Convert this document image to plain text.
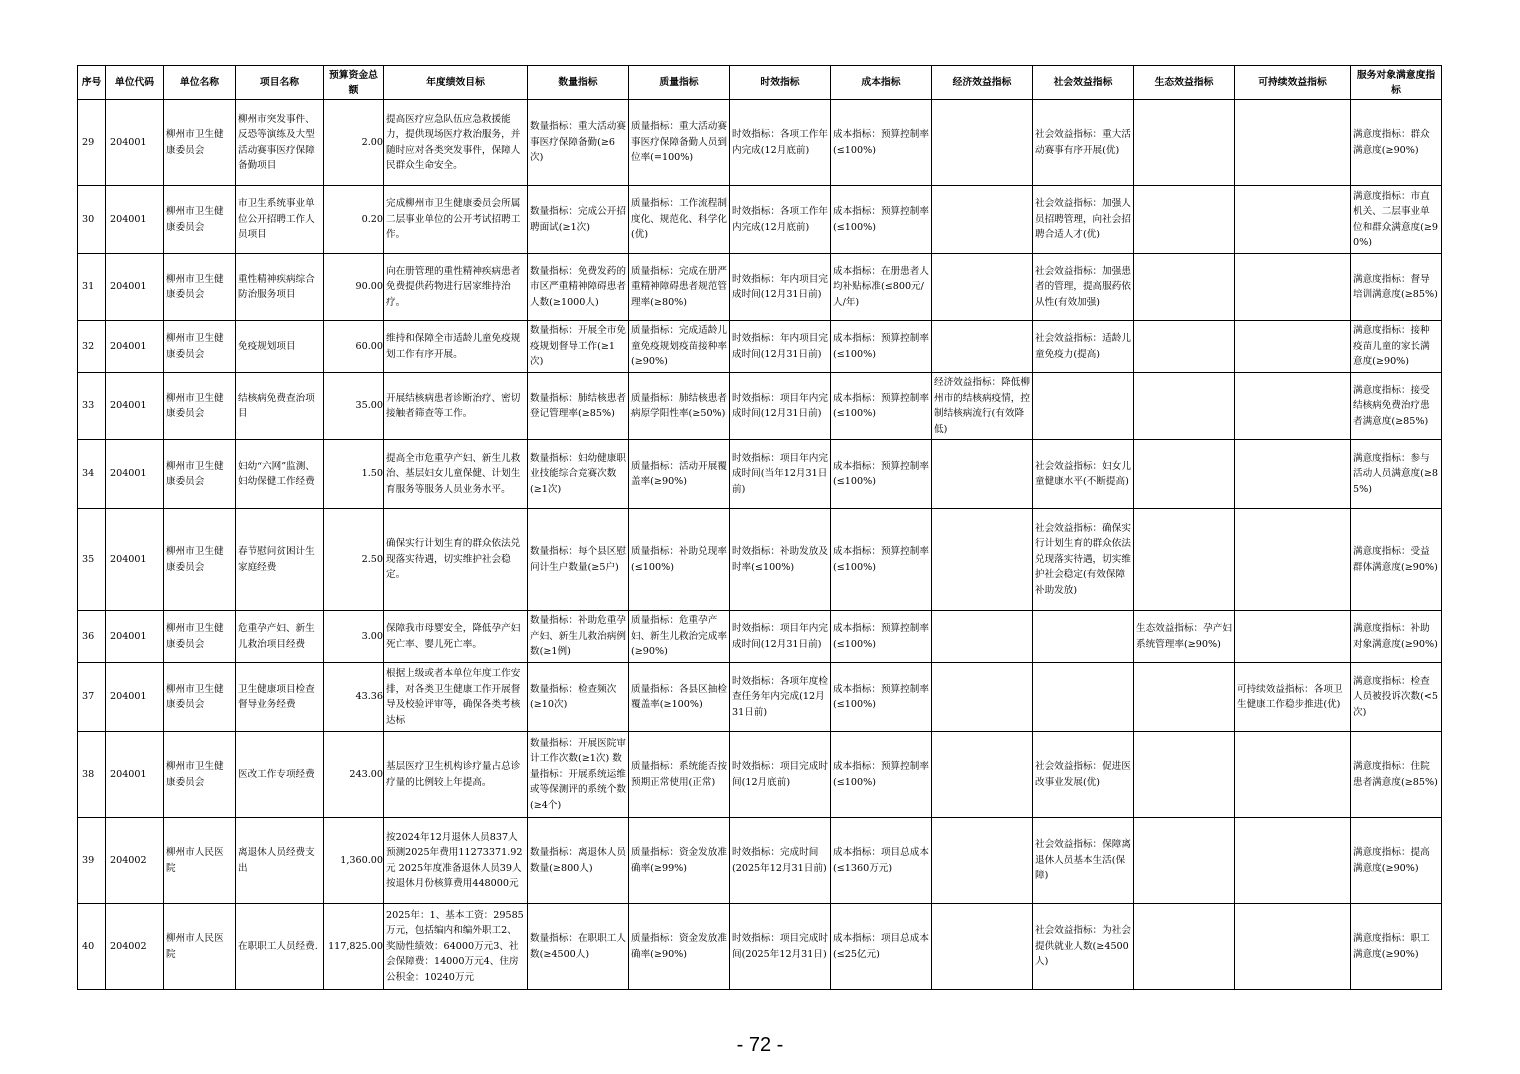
序号	单位代码	单位名称	项目名称	预算资金总额	年度绩效目标	数量指标	质量指标	时效指标	成本指标	经济效益指标	社会效益指标	生态效益指标	可持续效益指标	服务对象满意度指标
29	204001	柳州市卫生健康委员会	柳州市突发事件、反恐等演练及大型活动赛事医疗保障备勤项目	2.00	提高医疗应急队伍应急救援能力，提供现场医疗救治服务，并随时应对各类突发事件，保障人民群众生命安全。	数量指标：重大活动赛事医疗保障备勤(≥6次)	质量指标：重大活动赛事医疗保障备勤人员到位率(=100%)	时效指标：各项工作年内完成(12月底前)	成本指标：预算控制率(≤100%)		社会效益指标：重大活动赛事有序开展(优)			满意度指标：群众满意度(≥90%)
30	204001	柳州市卫生健康委员会	市卫生系统事业单位公开招聘工作人员项目	0.20	完成柳州市卫生健康委员会所属二层事业单位的公开考试招聘工作。	数量指标：完成公开招聘面试(≥1次)	质量指标：工作流程制度化、规范化、科学化(优)	时效指标：各项工作年内完成(12月底前)	成本指标：预算控制率(≤100%)		社会效益指标：加强人员招聘管理，向社会招聘合适人才(优)			满意度指标：市直机关、二层事业单位和群众满意度(≥90%)
31	204001	柳州市卫生健康委员会	重性精神疾病综合防治服务项目	90.00	向在册管理的重性精神疾病患者免费提供药物进行居家维持治疗。	数量指标：免费发药的市区严重精神障碍患者人数(≥1000人)	质量指标：完成在册严重精神障碍患者规范管理率(≥80%)	时效指标：年内项目完成时间(12月31日前)	成本指标：在册患者人均补贴标准(≤800元/人/年)		社会效益指标：加强患者的管理，提高服药依从性(有效加强)			满意度指标：督导培训满意度(≥85%)
32	204001	柳州市卫生健康委员会	免疫规划项目	60.00	维持和保障全市适龄儿童免疫规划工作有序开展。	数量指标：开展全市免疫规划督导工作(≥1次)	质量指标：完成适龄儿童免疫规划疫苗接种率(≥90%)	时效指标：年内项目完成时间(12月31日前)	成本指标：预算控制率(≤100%)		社会效益指标：适龄儿童免疫力(提高)			满意度指标：接种疫苗儿童的家长满意度(≥90%)
33	204001	柳州市卫生健康委员会	结核病免费查治项目	35.00	开展结核病患者诊断治疗、密切接触者筛查等工作。	数量指标：肺结核患者登记管理率(≥85%)	质量指标：肺结核患者病原学阳性率(≥50%)	时效指标：项目年内完成时间(12月31日前)	成本指标：预算控制率(≤100%)	经济效益指标：降低柳州市的结核病疫情，控制结核病流行(有效降低)				满意度指标：接受结核病免费治疗患者满意度(≥85%)
34	204001	柳州市卫生健康委员会	妇幼“六网”监测、妇幼保健工作经费	1.50	提高全市危重孕产妇、新生儿救治、基层妇女儿童保健、计划生育服务等服务人员业务水平。	数量指标：妇幼健康职业技能综合竞赛次数(≥1次)	质量指标：活动开展覆盖率(≥90%)	时效指标：项目年内完成时间(当年12月31日前)	成本指标：预算控制率(≤100%)		社会效益指标：妇女儿童健康水平(不断提高)			满意度指标：参与活动人员满意度(≥85%)
35	204001	柳州市卫生健康委员会	春节慰问贫困计生家庭经费	2.50	确保实行计划生育的群众依法兑现落实待遇，切实维护社会稳定。	数量指标：每个县区慰问计生户数量(≥5户)	质量指标：补助兑现率(≤100%)	时效指标：补助发放及时率(≤100%)	成本指标：预算控制率(≤100%)		社会效益指标：确保实行计划生育的群众依法兑现落实待遇，切实维护社会稳定(有效保障补助发放)			满意度指标：受益群体满意度(≥90%)
36	204001	柳州市卫生健康委员会	危重孕产妇、新生儿救治项目经费	3.00	保障我市母婴安全，降低孕产妇死亡率、婴儿死亡率。	数量指标：补助危重孕产妇、新生儿救治病例数(≥1例)	质量指标：危重孕产妇、新生儿救治完成率(≥90%)	时效指标：项目年内完成时间(12月31日前)	成本指标：预算控制率(≤100%)			生态效益指标：孕产妇系统管理率(≥90%)		满意度指标：补助对象满意度(≥90%)
37	204001	柳州市卫生健康委员会	卫生健康项目检查督导业务经费	43.36	根据上级或者本单位年度工作安排，对各类卫生健康工作开展督导及校验评审等，确保各类考核达标	数量指标：检查频次(≥10次)	质量指标：各县区抽检覆盖率(≥100%)	时效指标：各项年度检查任务年内完成(12月31日前)	成本指标：预算控制率(≤100%)				可持续效益指标：各项卫生健康工作稳步推进(优)	满意度指标：检查人员被投诉次数(<5次)
38	204001	柳州市卫生健康委员会	医改工作专项经费	243.00	基层医疗卫生机构诊疗量占总诊疗量的比例较上年提高。	数量指标：开展医院审计工作次数(≥1次) 数量指标：开展系统运维或等保测评的系统个数(≥4个)	质量指标：系统能否按预期正常使用(正常)	时效指标：项目完成时间(12月底前)	成本指标：预算控制率(≤100%)		社会效益指标：促进医改事业发展(优)			满意度指标：住院患者满意度(≥85%)
39	204002	柳州市人民医院	离退休人员经费支出	1,360.00	按2024年12月退休人员837人预测2025年费用11273371.92元 2025年度准备退休人员39人按退休月份核算费用448000元	数量指标：离退休人员数量(≥800人)	质量指标：资金发放准确率(≥99%)	时效指标：完成时间(2025年12月31日前)	成本指标：项目总成本(≤1360万元)		社会效益指标：保障离退休人员基本生活(保障)			满意度指标：提高满意度(≥90%)
40	204002	柳州市人民医院	在职职工人员经费.	117,825.00	2025年：1、基本工资：29585万元，包括编内和编外职工2、奖励性绩效：64000万元3、社会保障费：14000万元4、住房公积金：10240万元	数量指标：在职职工人数(≥4500人)	质量指标：资金发放准确率(≥90%)	时效指标：项目完成时间(2025年12月31日)	成本指标：项目总成本(≤25亿元)		社会效益指标：为社会提供就业人数(≥4500人)			满意度指标：职工满意度(≥90%)
- 72 -
